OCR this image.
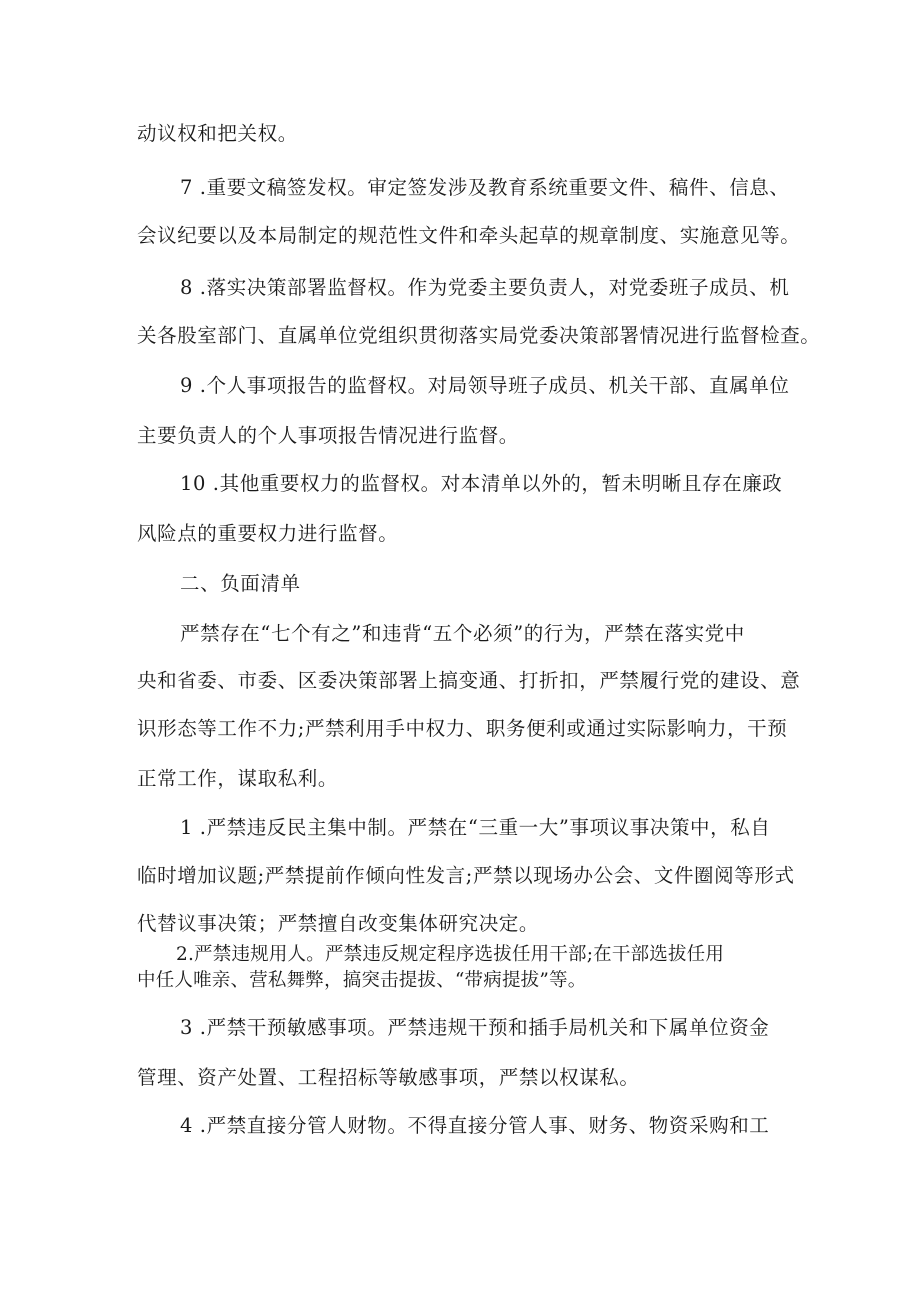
动议权和把关权。
7 .重要文稿签发权。审定签发涉及教育系统重要文件、稿件、信息、
会议纪要以及本局制定的规范性文件和牵头起草的规章制度、实施意见等。
8 .落实决策部署监督权。作为党委主要负责人，对党委班子成员、机
关各股室部门、直属单位党组织贯彻落实局党委决策部署情况进行监督检查。
9 .个人事项报告的监督权。对局领导班子成员、机关干部、直属单位
主要负责人的个人事项报告情况进行监督。
10 .其他重要权力的监督权。对本清单以外的，暂未明晰且存在廉政
风险点的重要权力进行监督。
二、负面清单
严禁存在“七个有之”和违背“五个必须”的行为，严禁在落实党中
央和省委、市委、区委决策部署上搞变通、打折扣，严禁履行党的建设、意
识形态等工作不力;严禁利用手中权力、职务便利或通过实际影响力，干预
正常工作，谋取私利。
1 .严禁违反民主集中制。严禁在“三重一大”事项议事决策中，私自
临时增加议题;严禁提前作倾向性发言;严禁以现场办公会、文件圈阅等形式
代替议事决策；严禁擅自改变集体研究决定。
2.严禁违规用人。严禁违反规定程序选拔任用干部;在干部选拔任用
中任人唯亲、营私舞弊，搞突击提拔、“带病提拔”等。
3 .严禁干预敏感事项。严禁违规干预和插手局机关和下属单位资金
管理、资产处置、工程招标等敏感事项，严禁以权谋私。
4 .严禁直接分管人财物。不得直接分管人事、财务、物资采购和工
